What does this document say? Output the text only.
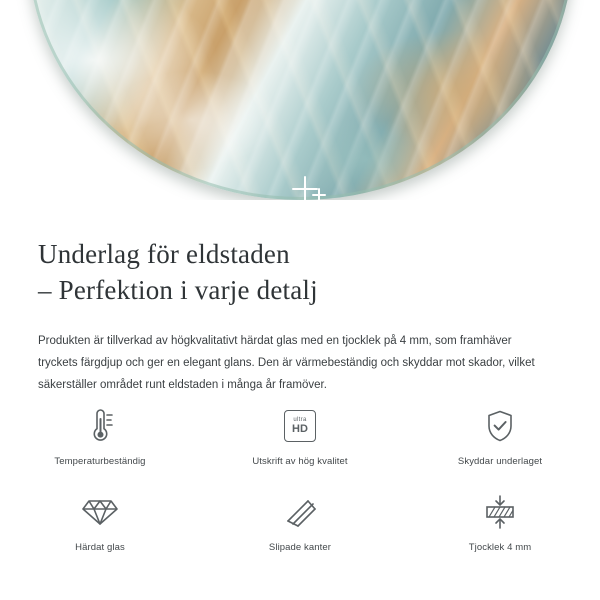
Underlag för eldstaden
– Perfektion i varje detalj

Produkten är tillverkad av högkvalitativt härdat glas med en tjocklek på 4 mm, som framhäver tryckets färgdjup och ger en elegant glans. Den är värmebeständig och skyddar mot skador, vilket säkerställer området runt eldstaden i många år framöver.

Temperaturbeständig
ultra
HD
Utskrift av hög kvalitet	Skyddar underlaget
Härdat glas	Slipade kanter	Tjocklek 4 mm
